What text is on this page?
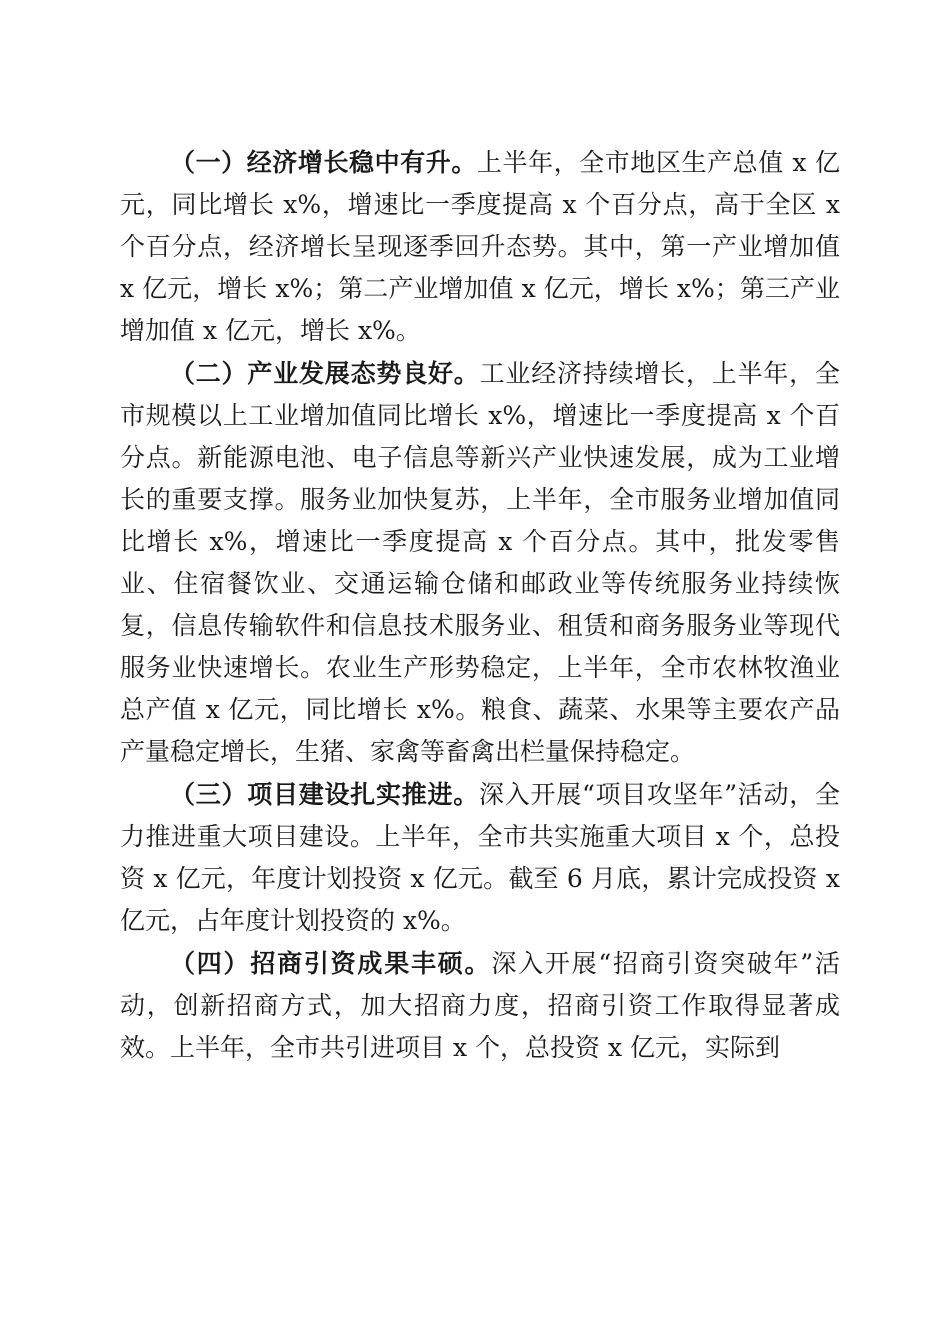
（一）经济增长稳中有升。上半年，全市地区生产总值 x 亿元，同比增长 x%，增速比一季度提高 x 个百分点，高于全区 x 个百分点，经济增长呈现逐季回升态势。其中，第一产业增加值 x 亿元，增长 x%；第二产业增加值 x 亿元，增长 x%；第三产业增加值 x 亿元，增长 x%。

（二）产业发展态势良好。工业经济持续增长，上半年，全市规模以上工业增加值同比增长 x%，增速比一季度提高 x 个百分点。新能源电池、电子信息等新兴产业快速发展，成为工业增长的重要支撑。服务业加快复苏，上半年，全市服务业增加值同比增长 x%，增速比一季度提高 x 个百分点。其中，批发零售业、住宿餐饮业、交通运输仓储和邮政业等传统服务业持续恢复，信息传输软件和信息技术服务业、租赁和商务服务业等现代服务业快速增长。农业生产形势稳定，上半年，全市农林牧渔业总产值 x 亿元，同比增长 x%。粮食、蔬菜、水果等主要农产品产量稳定增长，生猪、家禽等畜禽出栏量保持稳定。

（三）项目建设扎实推进。深入开展“项目攻坚年”活动，全力推进重大项目建设。上半年，全市共实施重大项目 x 个，总投资 x 亿元，年度计划投资 x 亿元。截至 6 月底，累计完成投资 x 亿元，占年度计划投资的 x%。

（四）招商引资成果丰硕。深入开展“招商引资突破年”活动，创新招商方式，加大招商力度，招商引资工作取得显著成效。上半年，全市共引进项目 x 个，总投资 x 亿元，实际到
